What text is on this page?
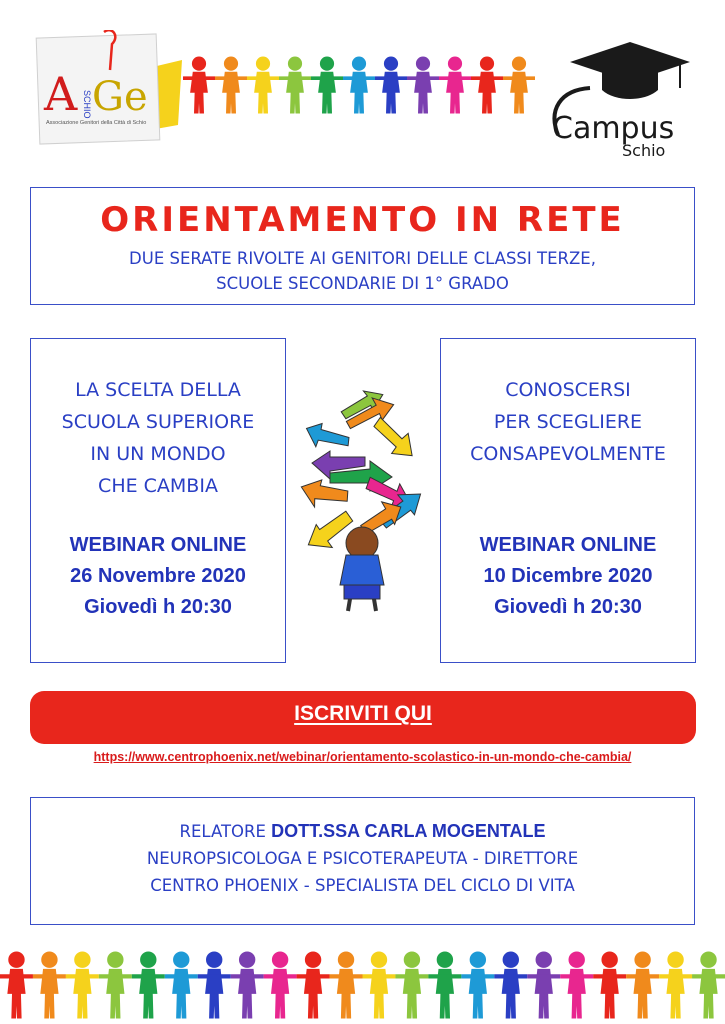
A Ge
SCHIO
Associazione Genitori della Città di Schio	Campus
Schio
ORIENTAMENTO IN RETE
DUE SERATE RIVOLTE AI GENITORI DELLE CLASSI TERZE,
SCUOLE SECONDARIE DI 1° GRADO
LA SCELTA DELLA
SCUOLA SUPERIORE
IN UN MONDO
CHE CAMBIA
WEBINAR ONLINE
26 Novembre 2020
Giovedì h 20:30
CONOSCERSI
PER SCEGLIERE
CONSAPEVOLMENTE
WEBINAR ONLINE
10 Dicembre 2020
Giovedì h 20:30
ISCRIVITI QUI
https://www.centrophoenix.net/webinar/orientamento-scolastico-in-un-mondo-che-cambia/
RELATORE DOTT.SSA CARLA MOGENTALE
NEUROPSICOLOGA E PSICOTERAPEUTA - DIRETTORE
CENTRO PHOENIX - SPECIALISTA DEL CICLO DI VITA
